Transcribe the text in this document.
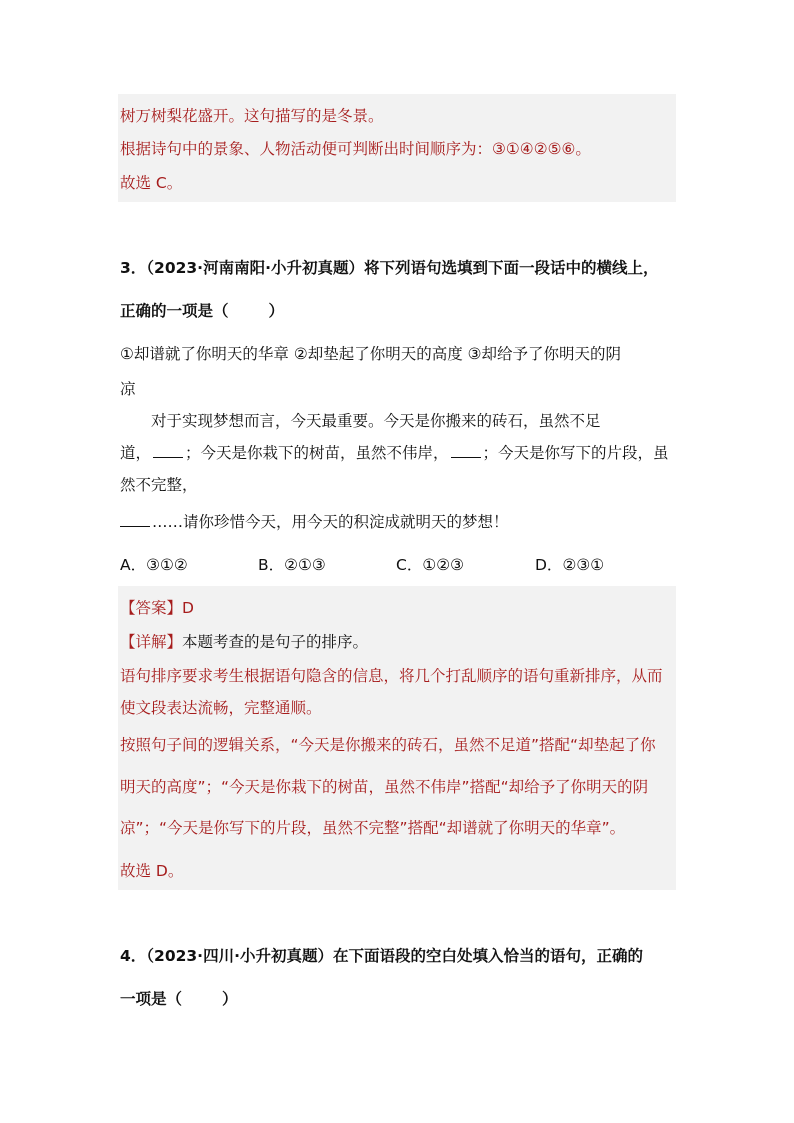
树万树梨花盛开。这句描写的是冬景。
根据诗句中的景象、人物活动便可判断出时间顺序为：③①④②⑤⑥。
故选 C。
3．（2023·河南南阳·小升初真题）将下列语句选填到下面一段话中的横线上，
正确的一项是（	）
①却谱就了你明天的华章 ②却垫起了你明天的高度 ③却给予了你明天的阴
凉
对于实现梦想而言，今天最重要。今天是你搬来的砖石，虽然不足
道， ；今天是你栽下的树苗，虽然不伟岸， ；今天是你写下的片段，虽
然不完整，
……请你珍惜今天，用今天的积淀成就明天的梦想！
A．③①②	B．②①③	C．①②③	D．②③①
【答案】D
【详解】本题考查的是句子的排序。
语句排序要求考生根据语句隐含的信息，将几个打乱顺序的语句重新排序，从而
使文段表达流畅，完整通顺。
按照句子间的逻辑关系，“今天是你搬来的砖石，虽然不足道”搭配“却垫起了你
明天的高度”；“今天是你栽下的树苗，虽然不伟岸”搭配“却给予了你明天的阴
凉”；“今天是你写下的片段，虽然不完整”搭配“却谱就了你明天的华章”。
故选 D。
4．（2023·四川·小升初真题）在下面语段的空白处填入恰当的语句，正确的
一项是（	）
